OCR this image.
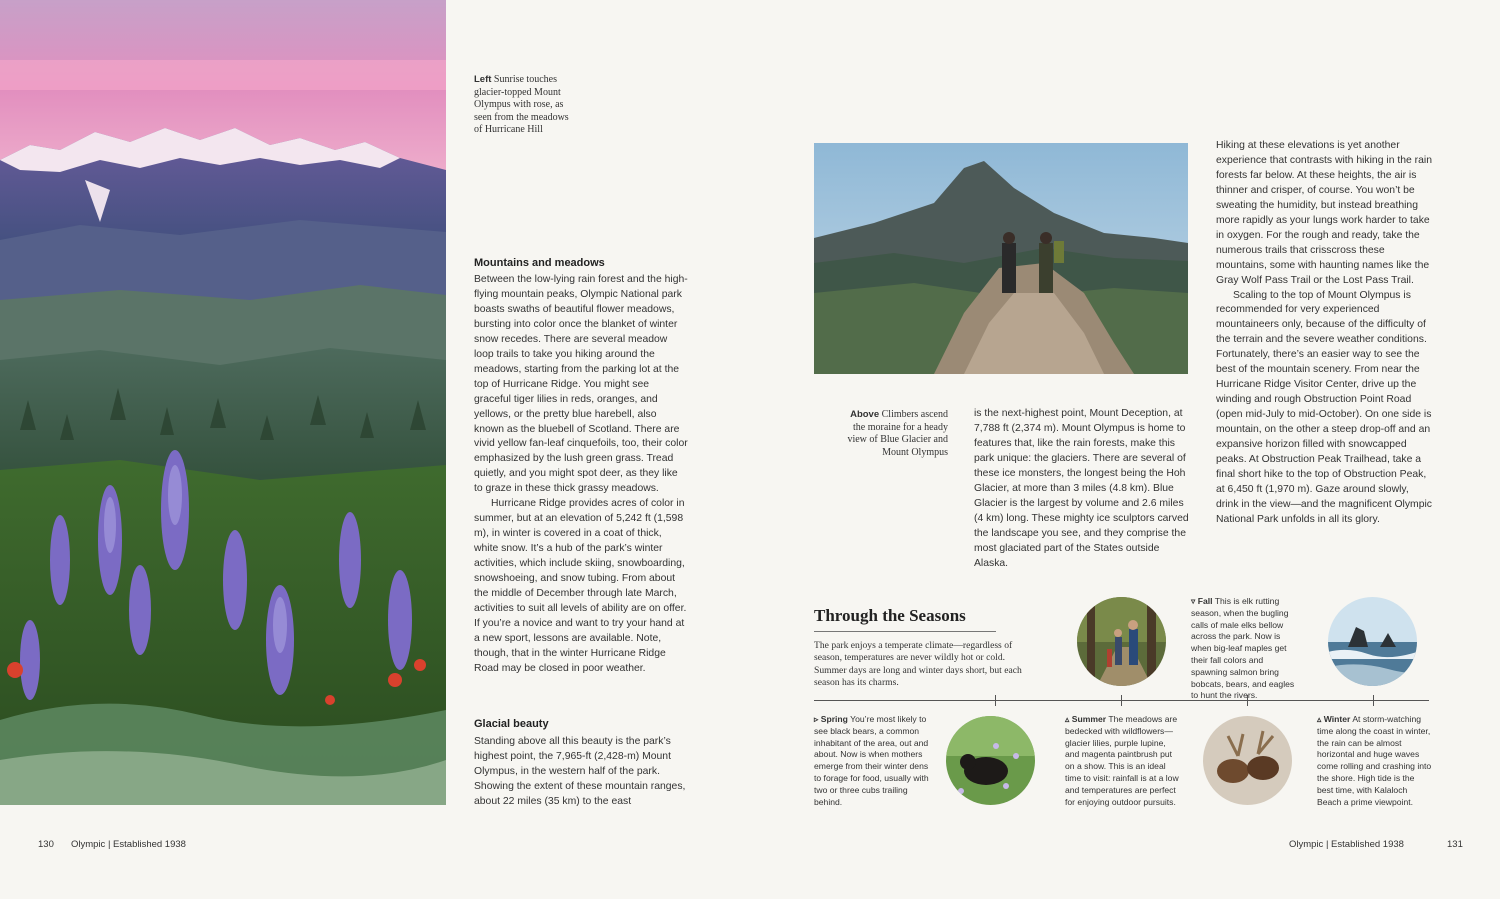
Left Sunrise touches glacier-topped Mount Olympus with rose, as seen from the meadows of Hurricane Hill
Mountains and meadows

Between the low-lying rain forest and the high-flying mountain peaks, Olympic National park boasts swaths of beautiful flower meadows, bursting into color once the blanket of winter snow recedes. There are several meadow loop trails to take you hiking around the meadows, starting from the parking lot at the top of Hurricane Ridge. You might see graceful tiger lilies in reds, oranges, and yellows, or the pretty blue harebell, also known as the bluebell of Scotland. There are vivid yellow fan-leaf cinquefoils, too, their color emphasized by the lush green grass. Tread quietly, and you might spot deer, as they like to graze in these thick grassy meadows.

Hurricane Ridge provides acres of color in summer, but at an elevation of 5,242 ft (1,598 m), in winter is covered in a coat of thick, white snow. It’s a hub of the park’s winter activities, which include skiing, snowboarding, snowshoeing, and snow tubing. From about the middle of December through late March, activities to suit all levels of ability are on offer. If you’re a novice and want to try your hand at a new sport, lessons are available. Note, though, that in the winter Hurricane Ridge Road may be closed in poor weather.

Glacial beauty

Standing above all this beauty is the park’s highest point, the 7,965-ft (2,428-m) Mount Olympus, in the western half of the park. Showing the extent of these mountain ranges, about 22 miles (35 km) to the east

Above Climbers ascend the moraine for a heady view of Blue Glacier and Mount Olympus

is the next-highest point, Mount Deception, at 7,788 ft (2,374 m). Mount Olympus is home to features that, like the rain forests, make this park unique: the glaciers. There are several of these ice monsters, the longest being the Hoh Glacier, at more than 3 miles (4.8 km). Blue Glacier is the largest by volume and 2.6 miles (4 km) long. These mighty ice sculptors carved the landscape you see, and they comprise the most glaciated part of the States outside Alaska.

Hiking at these elevations is yet another experience that contrasts with hiking in the rain forests far below. At these heights, the air is thinner and crisper, of course. You won’t be sweating the humidity, but instead breathing more rapidly as your lungs work harder to take in oxygen. For the rough and ready, take the numerous trails that crisscross these mountains, some with haunting names like the Gray Wolf Pass Trail or the Lost Pass Trail.

Scaling to the top of Mount Olympus is recommended for very experienced mountaineers only, because of the difficulty of the terrain and the severe weather conditions. Fortunately, there’s an easier way to see the best of the mountain scenery. From near the Hurricane Ridge Visitor Center, drive up the winding and rough Obstruction Point Road (open mid-July to mid-October). On one side is mountain, on the other a steep drop-off and an expansive horizon filled with snowcapped peaks. At Obstruction Peak Trailhead, take a final short hike to the top of Obstruction Peak, at 6,450 ft (1,970 m). Gaze around slowly, drink in the view—and the magnificent Olympic National Park unfolds in all its glory.

Through the Seasons
The park enjoys a temperate climate—regardless of season, temperatures are never wildly hot or cold. Summer days are long and winter days short, but each season has its charms.
▿ Fall This is elk rutting season, when the bugling calls of male elks bellow across the park. Now is when big-leaf maples get their fall colors and spawning salmon bring bobcats, bears, and eagles to hunt the rivers.
▹ Spring You’re most likely to see black bears, a common inhabitant of the area, out and about. Now is when mothers emerge from their winter dens to forage for food, usually with two or three cubs trailing behind.
▵ Summer The meadows are bedecked with wildflowers—glacier lilies, purple lupine, and magenta paintbrush put on a show. This is an ideal time to visit: rainfall is at a low and temperatures are perfect for enjoying outdoor pursuits.
▵ Winter At storm-watching time along the coast in winter, the rain can be almost horizontal and huge waves come rolling and crashing into the shore. High tide is the best time, with Kalaloch Beach a prime viewpoint.
130 Olympic | Established 1938	Olympic | Established 1938	131
